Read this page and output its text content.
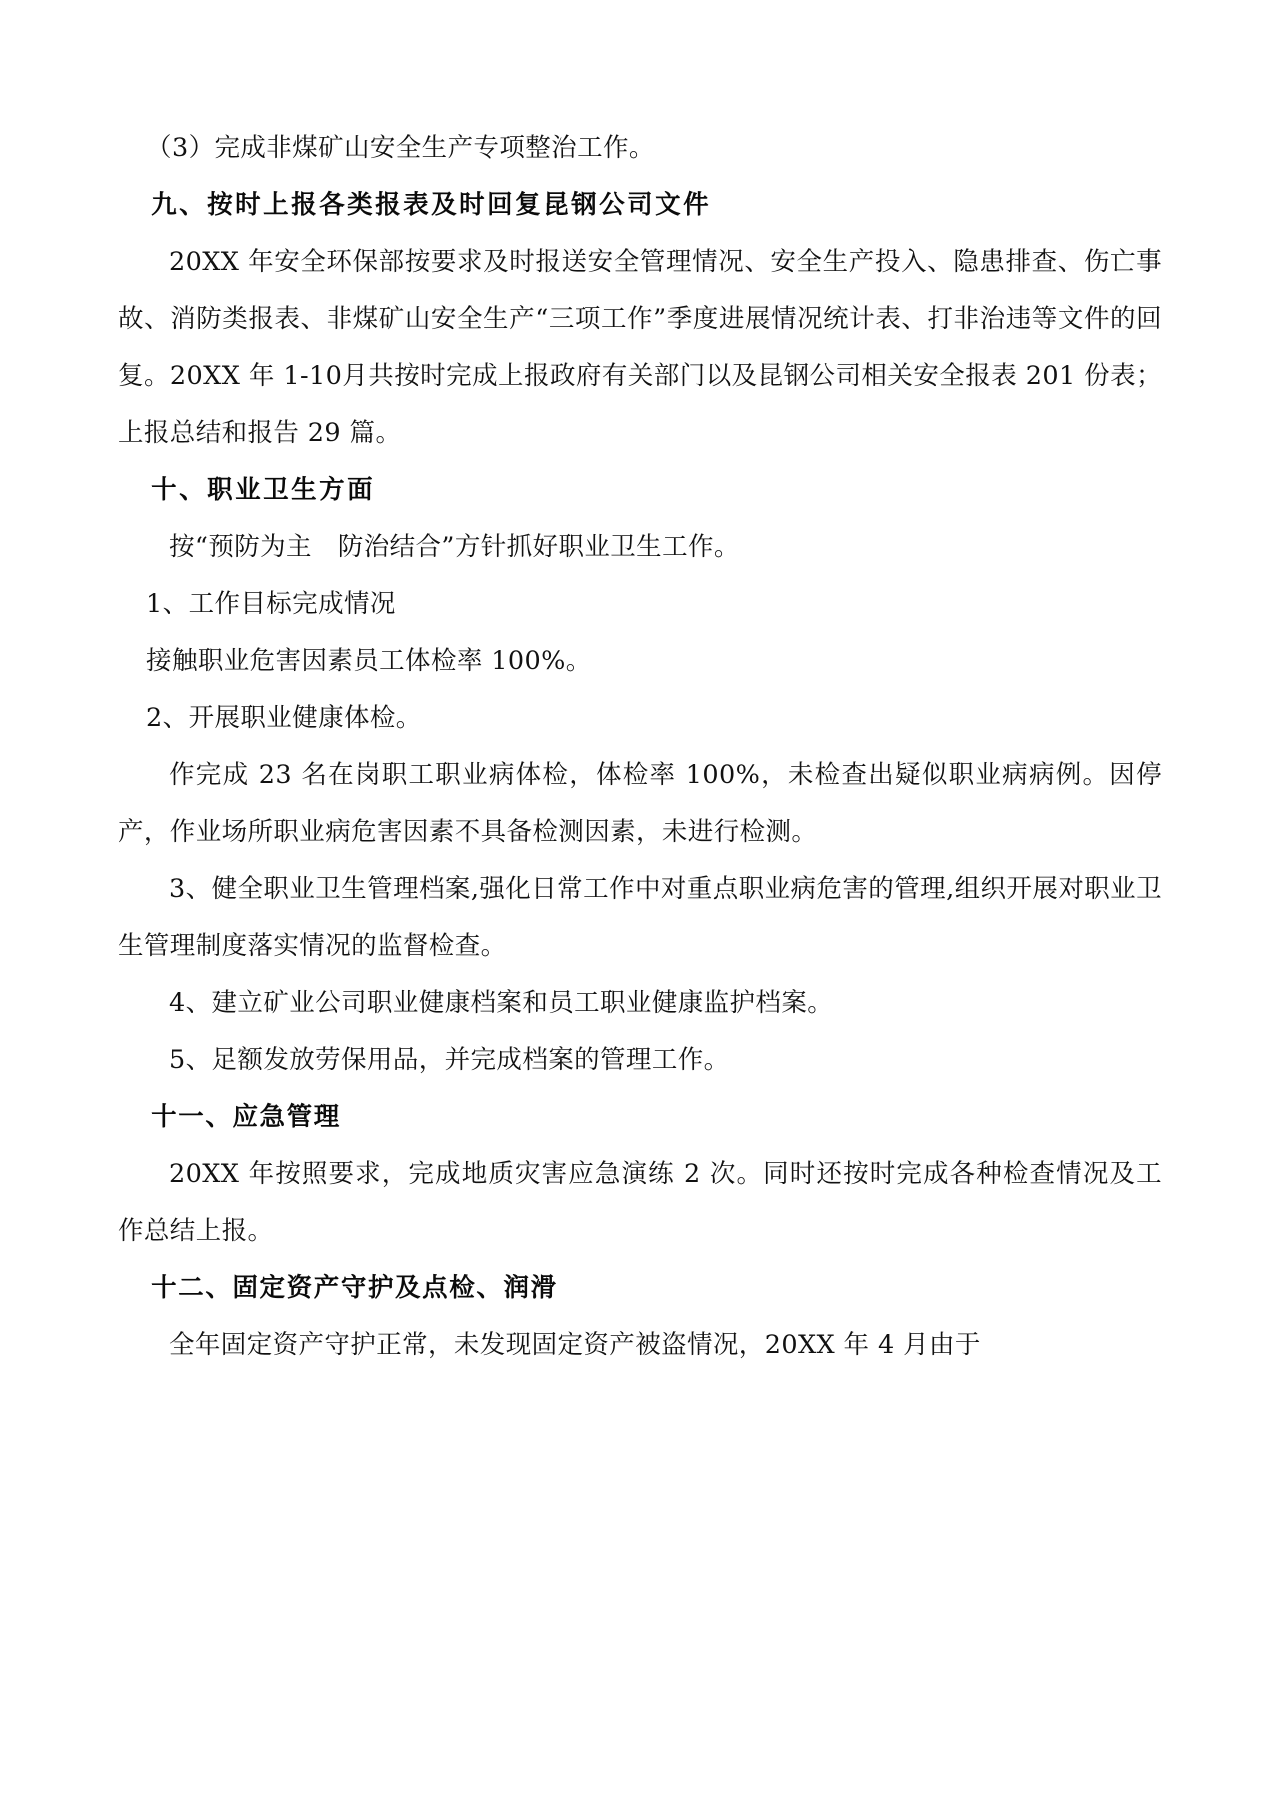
（3）完成非煤矿山安全生产专项整治工作。

九、按时上报各类报表及时回复昆钢公司文件

20XX 年安全环保部按要求及时报送安全管理情况、安全生产投入、隐患排查、伤亡事故、消防类报表、非煤矿山安全生产“三项工作”季度进展情况统计表、打非治违等文件的回复。20XX 年 1-10月共按时完成上报政府有关部门以及昆钢公司相关安全报表 201 份表；上报总结和报告 29 篇。

十、职业卫生方面

按“预防为主　防治结合”方针抓好职业卫生工作。

1、工作目标完成情况

接触职业危害因素员工体检率 100%。

2、开展职业健康体检。

作完成 23 名在岗职工职业病体检，体检率 100%，未检查出疑似职业病病例。因停产，作业场所职业病危害因素不具备检测因素，未进行检测。

3、健全职业卫生管理档案,强化日常工作中对重点职业病危害的管理,组织开展对职业卫生管理制度落实情况的监督检查。

4、建立矿业公司职业健康档案和员工职业健康监护档案。

5、足额发放劳保用品，并完成档案的管理工作。

十一、应急管理

20XX 年按照要求，完成地质灾害应急演练 2 次。同时还按时完成各种检查情况及工作总结上报。

十二、固定资产守护及点检、润滑

全年固定资产守护正常，未发现固定资产被盗情况，20XX 年 4 月由于
